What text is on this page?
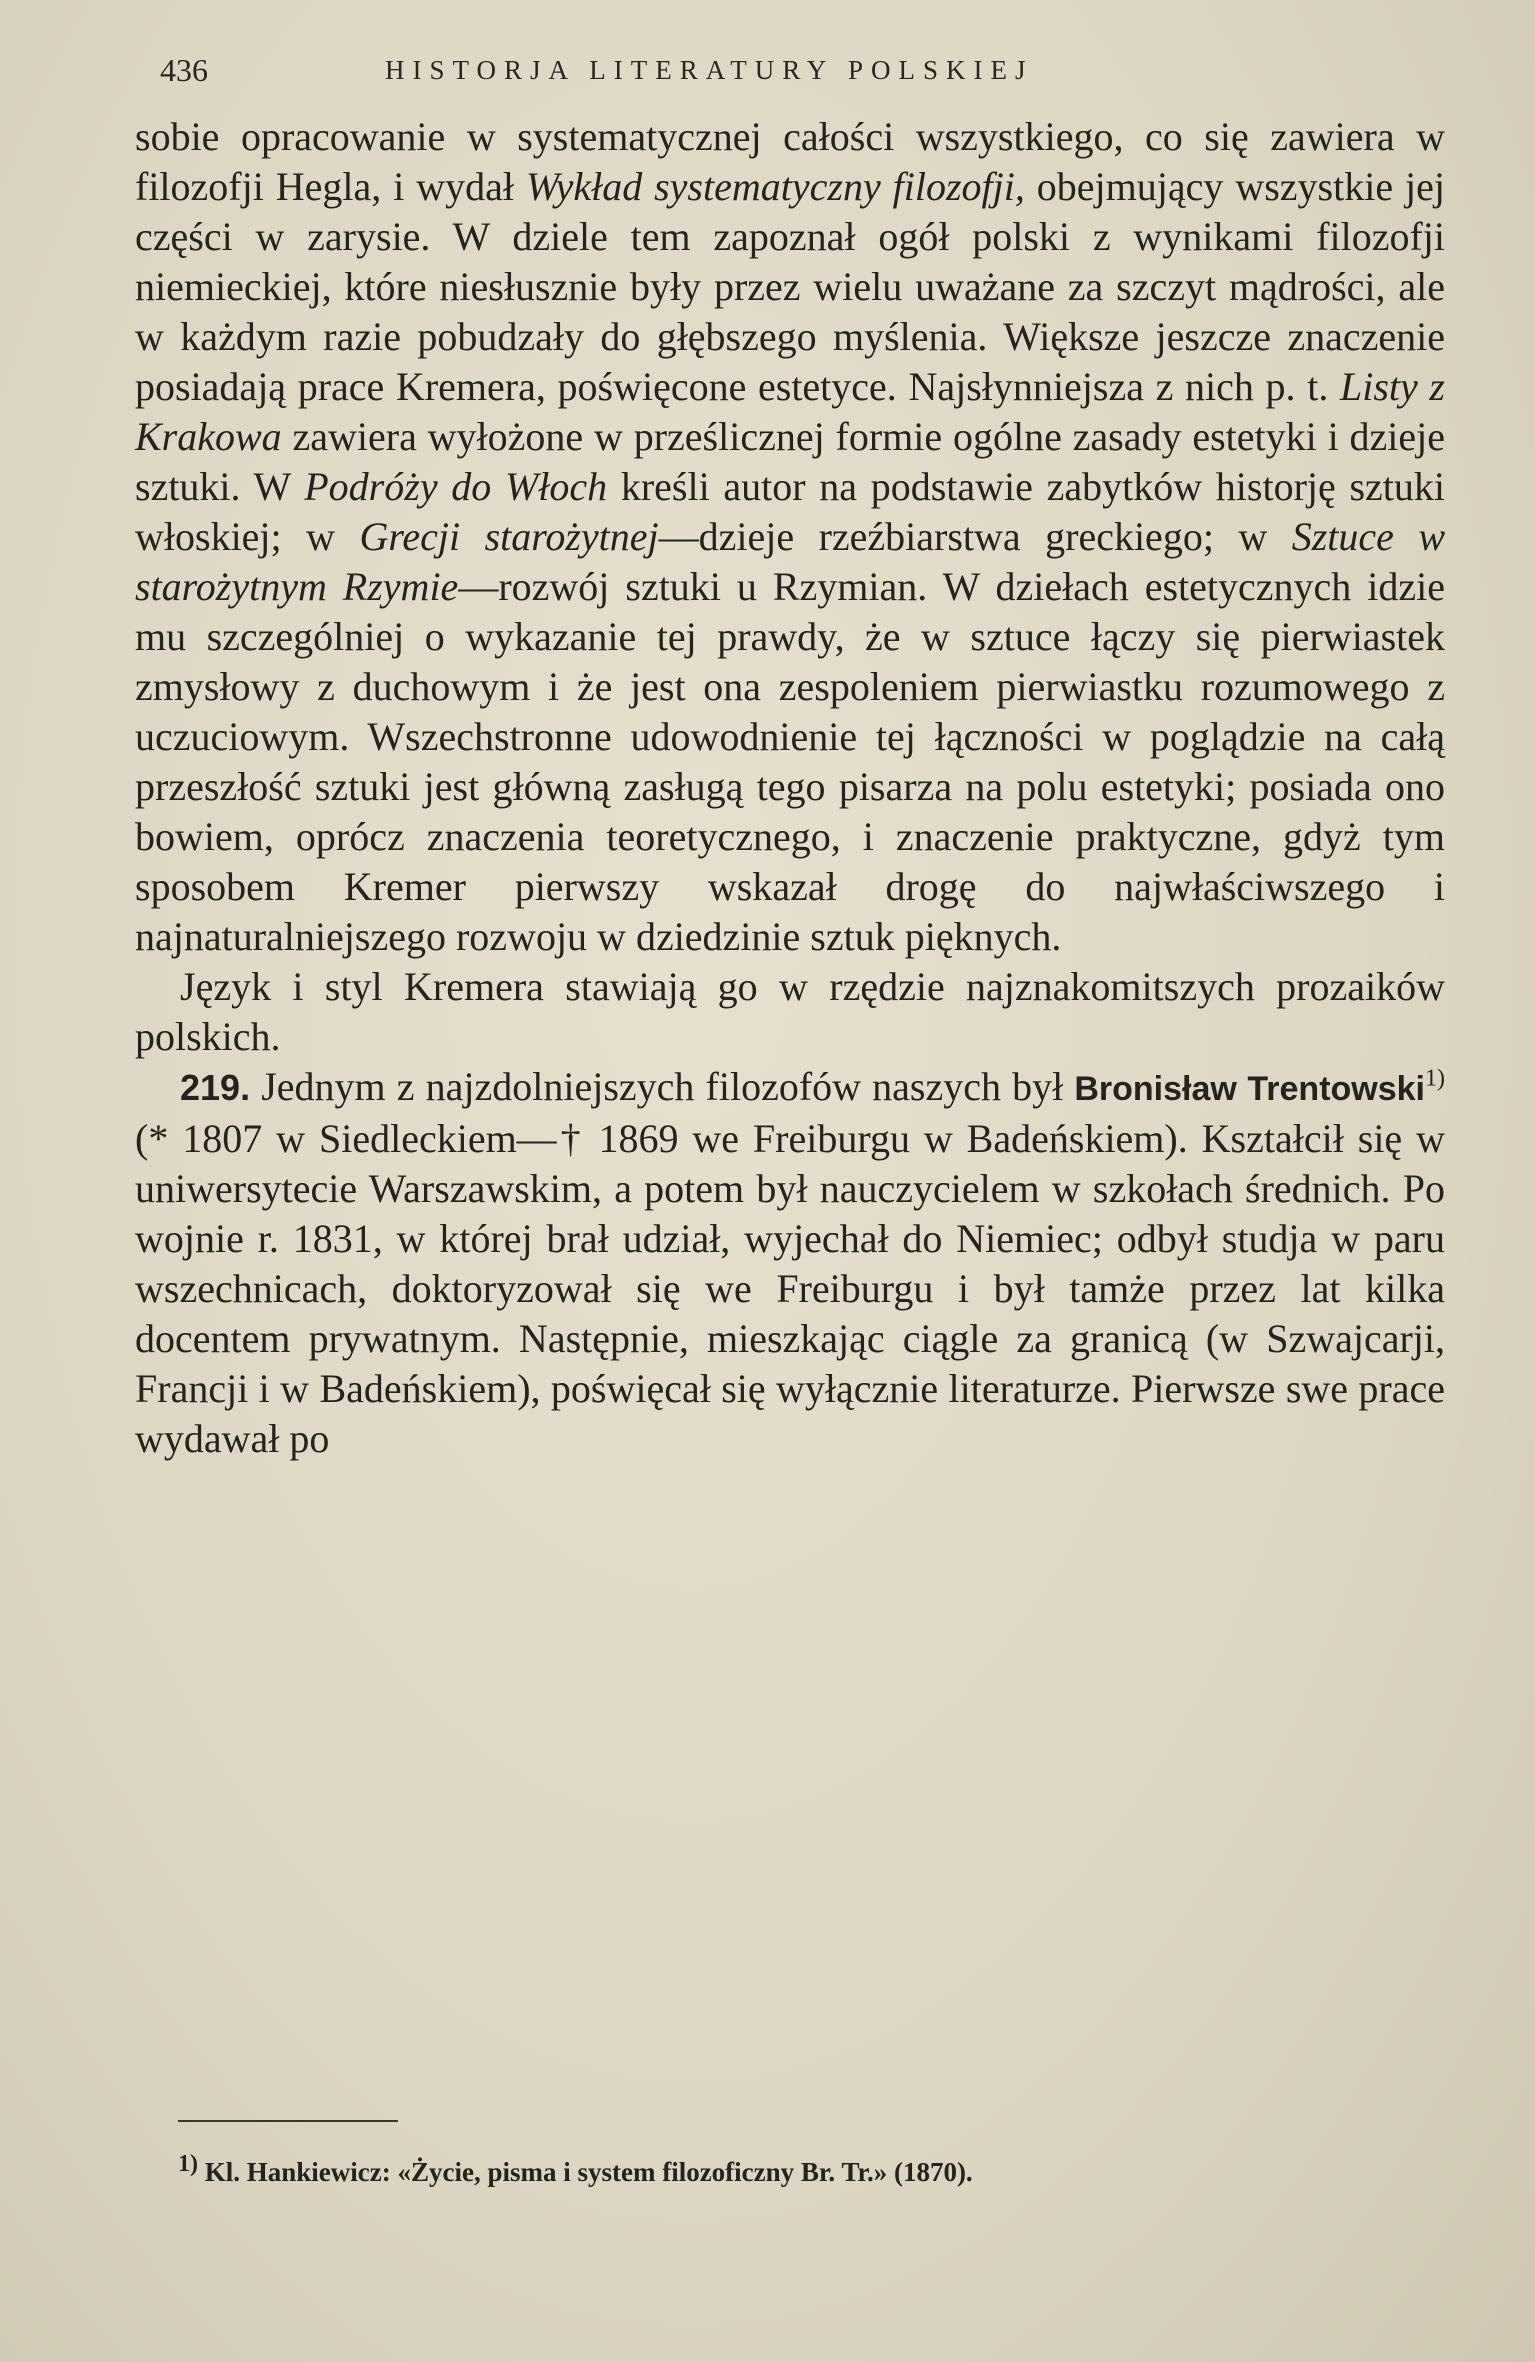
436	HISTORJA LITERATURY POLSKIEJ

sobie opracowanie w systematycznej całości wszystkiego, co się zawiera w filozofji Hegla, i wydał Wykład systematyczny filozofji, obejmujący wszystkie jej części w zarysie. W dziele tem zapoznał ogół polski z wynikami filozofji niemieckiej, które niesłusznie były przez wielu uważane za szczyt mądrości, ale w każdym razie pobudzały do głębszego myślenia. Większe jeszcze znaczenie posiadają prace Kremera, poświęcone estetyce. Najsłynniejsza z nich p. t. Listy z Krakowa zawiera wyłożone w prześlicznej formie ogólne zasady estetyki i dzieje sztuki. W Podróży do Włoch kreśli autor na podstawie zabytków historję sztuki włoskiej; w Grecji starożytnej—dzieje rzeźbiarstwa greckiego; w Sztuce w starożytnym Rzymie—rozwój sztuki u Rzymian. W dziełach estetycznych idzie mu szczególniej o wykazanie tej prawdy, że w sztuce łączy się pierwiastek zmysłowy z duchowym i że jest ona zespoleniem pierwiastku rozumowego z uczuciowym. Wszechstronne udowodnienie tej łączności w poglądzie na całą przeszłość sztuki jest główną zasługą tego pisarza na polu estetyki; posiada ono bowiem, oprócz znaczenia teoretycznego, i znaczenie praktyczne, gdyż tym sposobem Kremer pierwszy wskazał drogę do najwłaściwszego i najnaturalniejszego rozwoju w dziedzinie sztuk pięknych.

Język i styl Kremera stawiają go w rzędzie najznakomitszych prozaików polskich.

219. Jednym z najzdolniejszych filozofów naszych był Bronisław Trentowski$^{1)}$ (* 1807 w Siedleckiem—† 1869 we Freiburgu w Badeńskiem). Kształcił się w uniwersytecie Warszawskim, a potem był nauczycielem w szkołach średnich. Po wojnie r. 1831, w której brał udział, wyjechał do Niemiec; odbył studja w paru wszechnicach, doktoryzował się we Freiburgu i był tamże przez lat kilka docentem prywatnym. Następnie, mieszkając ciągle za granicą (w Szwajcarji, Francji i w Badeńskiem), poświęcał się wyłącznie literaturze. Pierwsze swe prace wydawał po

1) Kl. Hankiewicz: «Życie, pisma i system filozoficzny Br. Tr.» (1870).
